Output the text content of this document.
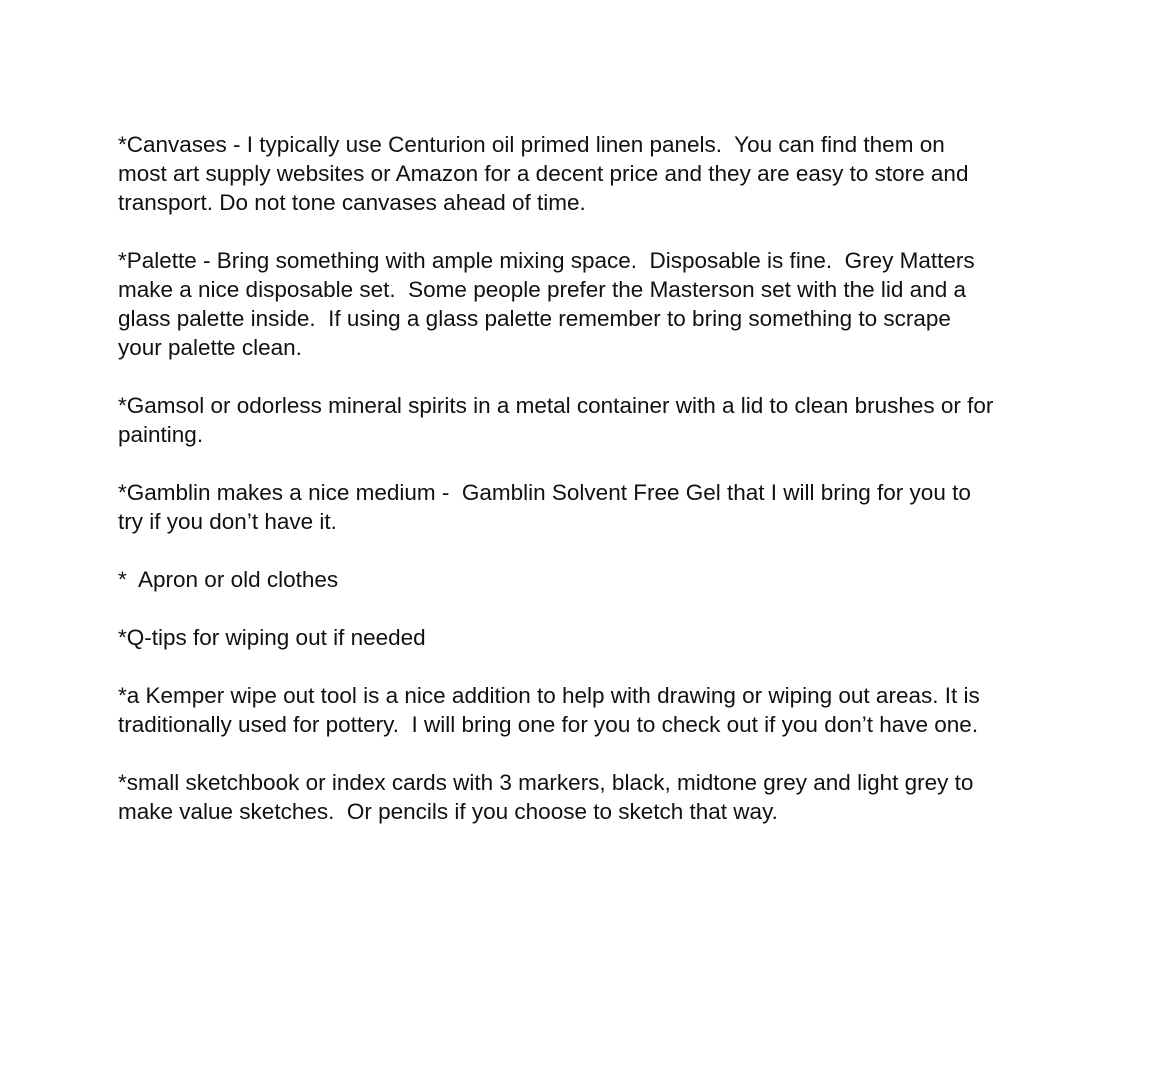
*Canvases - I typically use Centurion oil primed linen panels.  You can find them on
most art supply websites or Amazon for a decent price and they are easy to store and
transport. Do not tone canvases ahead of time.

*Palette - Bring something with ample mixing space.  Disposable is fine.  Grey Matters
make a nice disposable set.  Some people prefer the Masterson set with the lid and a
glass palette inside.  If using a glass palette remember to bring something to scrape
your palette clean.

*Gamsol or odorless mineral spirits in a metal container with a lid to clean brushes or for
painting.

*Gamblin makes a nice medium -  Gamblin Solvent Free Gel that I will bring for you to
try if you don’t have it.

*  Apron or old clothes

*Q-tips for wiping out if needed

*a Kemper wipe out tool is a nice addition to help with drawing or wiping out areas. It is
traditionally used for pottery.  I will bring one for you to check out if you don’t have one.

*small sketchbook or index cards with 3 markers, black, midtone grey and light grey to
make value sketches.  Or pencils if you choose to sketch that way.
